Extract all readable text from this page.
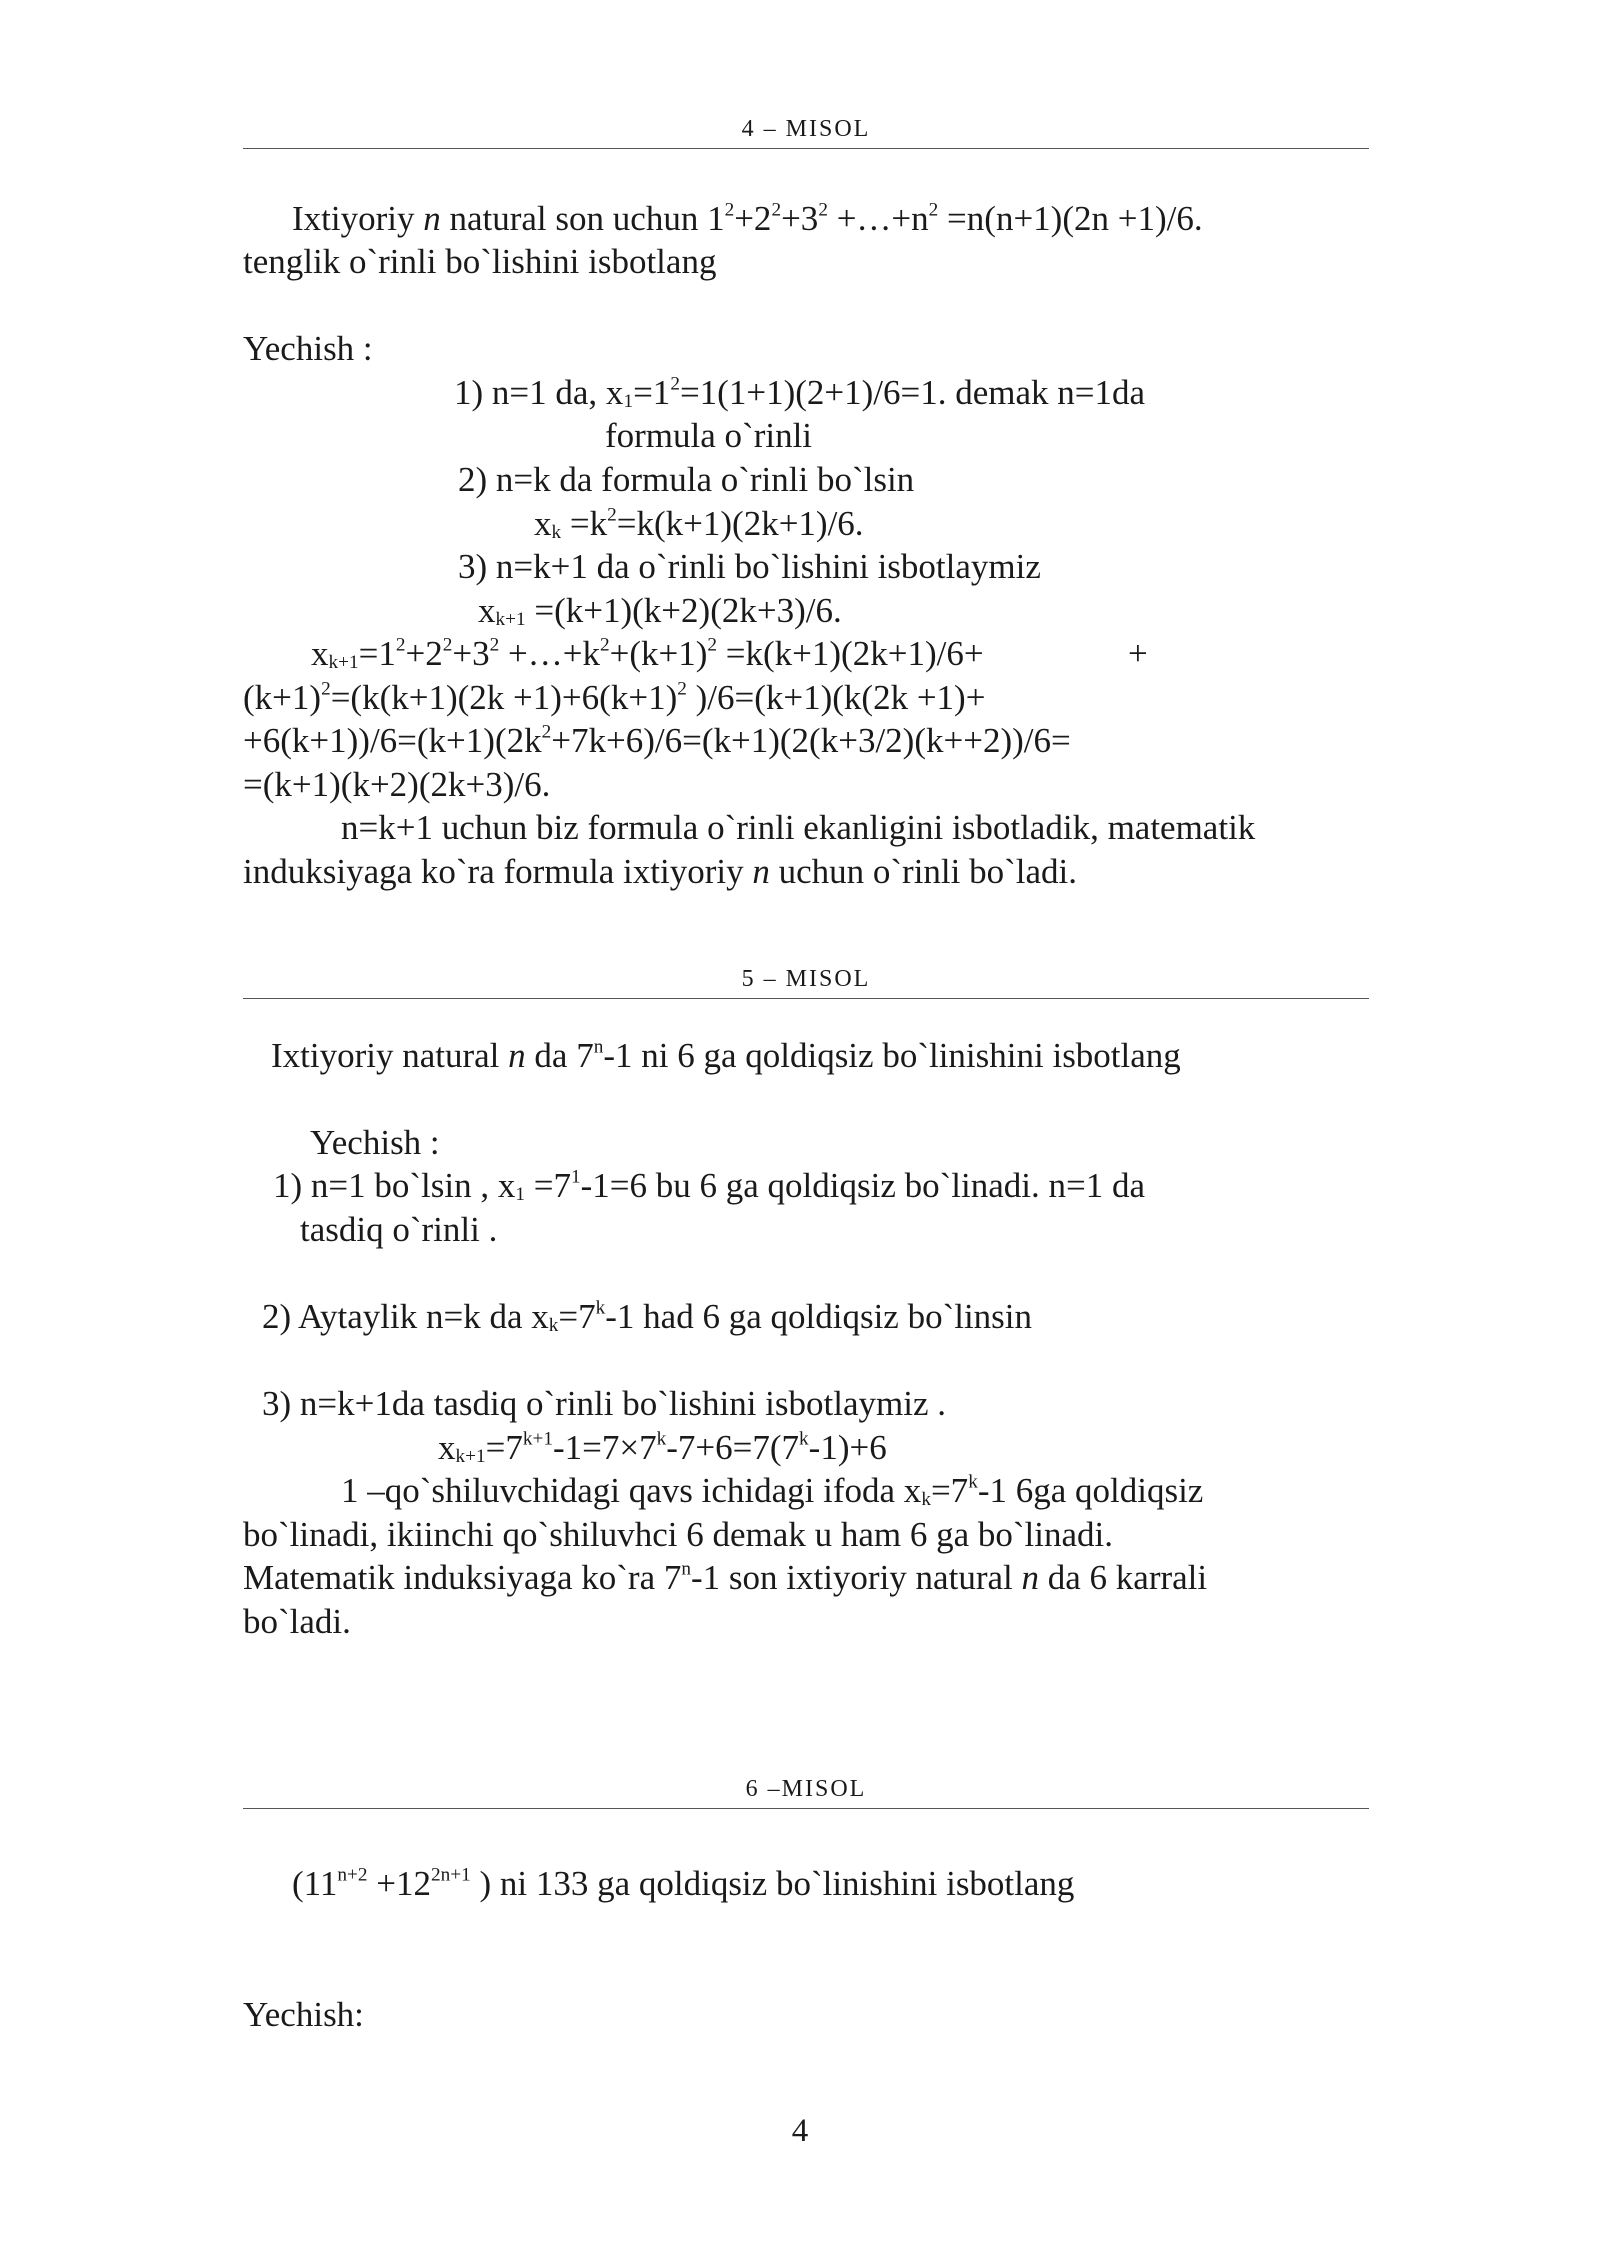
4 – MISOL
Ixtiyoriy n natural son uchun $1^2+2^2+3^2$ $+\dots+n^2 =n(n+1)(2n +1)/6$.
tenglik o`rinli bo`lishini isbotlang
Yechish :
1) n=1 da, $x_1=1^2=1(1+1)(2+1)/6=1$. demak n=1da
formula o`rinli
2) n=k da formula o`rinli bo`lsin
$x_k =k^2=k(k+1)(2k+1)/6$.
3) n=k+1 da o`rinli bo`lishini isbotlaymiz
$x_{k+1} =(k+1)(k+2)(2k+3)/6$.
$x_{k+1}=1^2+2^2+3^2$ $+\dots+k^2+(k+1)^2 =k(k+1)(2k+1)/6+$	+
$(k+1)^2=(k(k+1)(2k +1)+6(k+1)^2$ )/6=(k+1)(k(2k +1)+
$+6(k+1))/6=(k+1)(2k^2+7k+6)/6=(k+1)(2(k+3/2)(k++2))/6=$
=(k+1)(k+2)(2k+3)/6.
n=k+1 uchun biz formula o`rinli ekanligini isbotladik, matematik
induksiyaga ko`ra formula ixtiyoriy n uchun o`rinli bo`ladi.
5 – MISOL
Ixtiyoriy natural n da 7$^n$-1 ni 6 ga qoldiqsiz bo`linishini isbotlang
Yechish :
1) n=1 bo`lsin , $x_1 =7^1-1=6$ bu 6 ga qoldiqsiz bo`linadi. n=1 da
tasdiq o`rinli .
2) Aytaylik n=k da $x_k=7^k-1$ had 6 ga qoldiqsiz bo`linsin
3) n=k+1da tasdiq o`rinli bo`lishini isbotlaymiz .
$x_{k+1}=7^{k+1}-1=7\times 7^k-7+6=7(7^k-1)+6$
1 –qo`shiluvchidagi qavs ichidagi ifoda $x_k=7^k-1$ 6ga qoldiqsiz
bo`linadi, ikiinchi qo`shiluvhci 6 demak u ham 6 ga bo`linadi.
Matematik induksiyaga ko`ra 7$^n$-1 son ixtiyoriy natural n da 6 karrali
bo`ladi.
6 –MISOL
($11^{n+2} +12^{2n+1}$ ) ni 133 ga qoldiqsiz bo`linishini isbotlang
Yechish:
4
